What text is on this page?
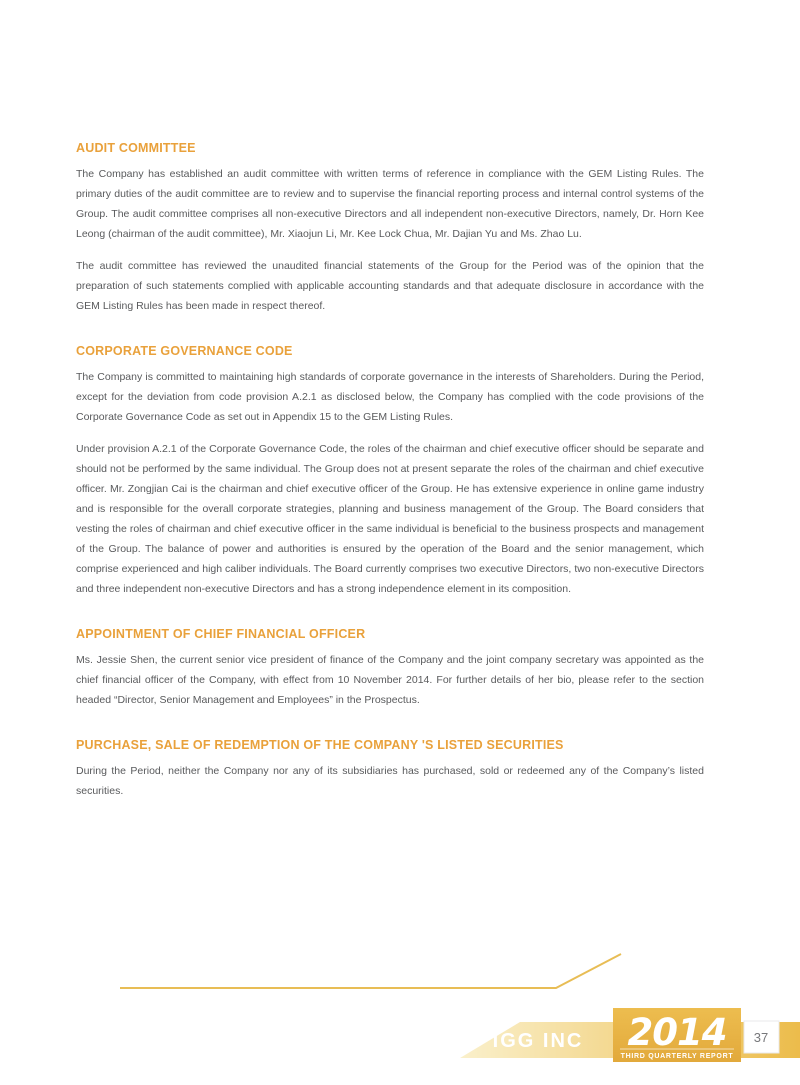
AUDIT COMMITTEE

The Company has established an audit committee with written terms of reference in compliance with the GEM Listing Rules. The primary duties of the audit committee are to review and to supervise the financial reporting process and internal control systems of the Group. The audit committee comprises all non-executive Directors and all independent non-executive Directors, namely, Dr. Horn Kee Leong (chairman of the audit committee), Mr. Xiaojun Li, Mr. Kee Lock Chua, Mr. Dajian Yu and Ms. Zhao Lu.

The audit committee has reviewed the unaudited financial statements of the Group for the Period was of the opinion that the preparation of such statements complied with applicable accounting standards and that adequate disclosure in accordance with the GEM Listing Rules has been made in respect thereof.

CORPORATE GOVERNANCE CODE

The Company is committed to maintaining high standards of corporate governance in the interests of Shareholders. During the Period, except for the deviation from code provision A.2.1 as disclosed below, the Company has complied with the code provisions of the Corporate Governance Code as set out in Appendix 15 to the GEM Listing Rules.

Under provision A.2.1 of the Corporate Governance Code, the roles of the chairman and chief executive officer should be separate and should not be performed by the same individual. The Group does not at present separate the roles of the chairman and chief executive officer. Mr. Zongjian Cai is the chairman and chief executive officer of the Group. He has extensive experience in online game industry and is responsible for the overall corporate strategies, planning and business management of the Group. The Board considers that vesting the roles of chairman and chief executive officer in the same individual is beneficial to the business prospects and management of the Group. The balance of power and authorities is ensured by the operation of the Board and the senior management, which comprise experienced and high caliber individuals. The Board currently comprises two executive Directors, two non-executive Directors and three independent non-executive Directors and has a strong independence element in its composition.

APPOINTMENT OF CHIEF FINANCIAL OFFICER

Ms. Jessie Shen, the current senior vice president of finance of the Company and the joint company secretary was appointed as the chief financial officer of the Company, with effect from 10 November 2014. For further details of her bio, please refer to the section headed “Director, Senior Management and Employees” in the Prospectus.

PURCHASE, SALE OF REDEMPTION OF THE COMPANY 'S LISTED SECURITIES

During the Period, neither the Company nor any of its subsidiaries has purchased, sold or redeemed any of the Company’s listed securities.

IGG INC 2014
THIRD QUARTERLY REPORT
37
